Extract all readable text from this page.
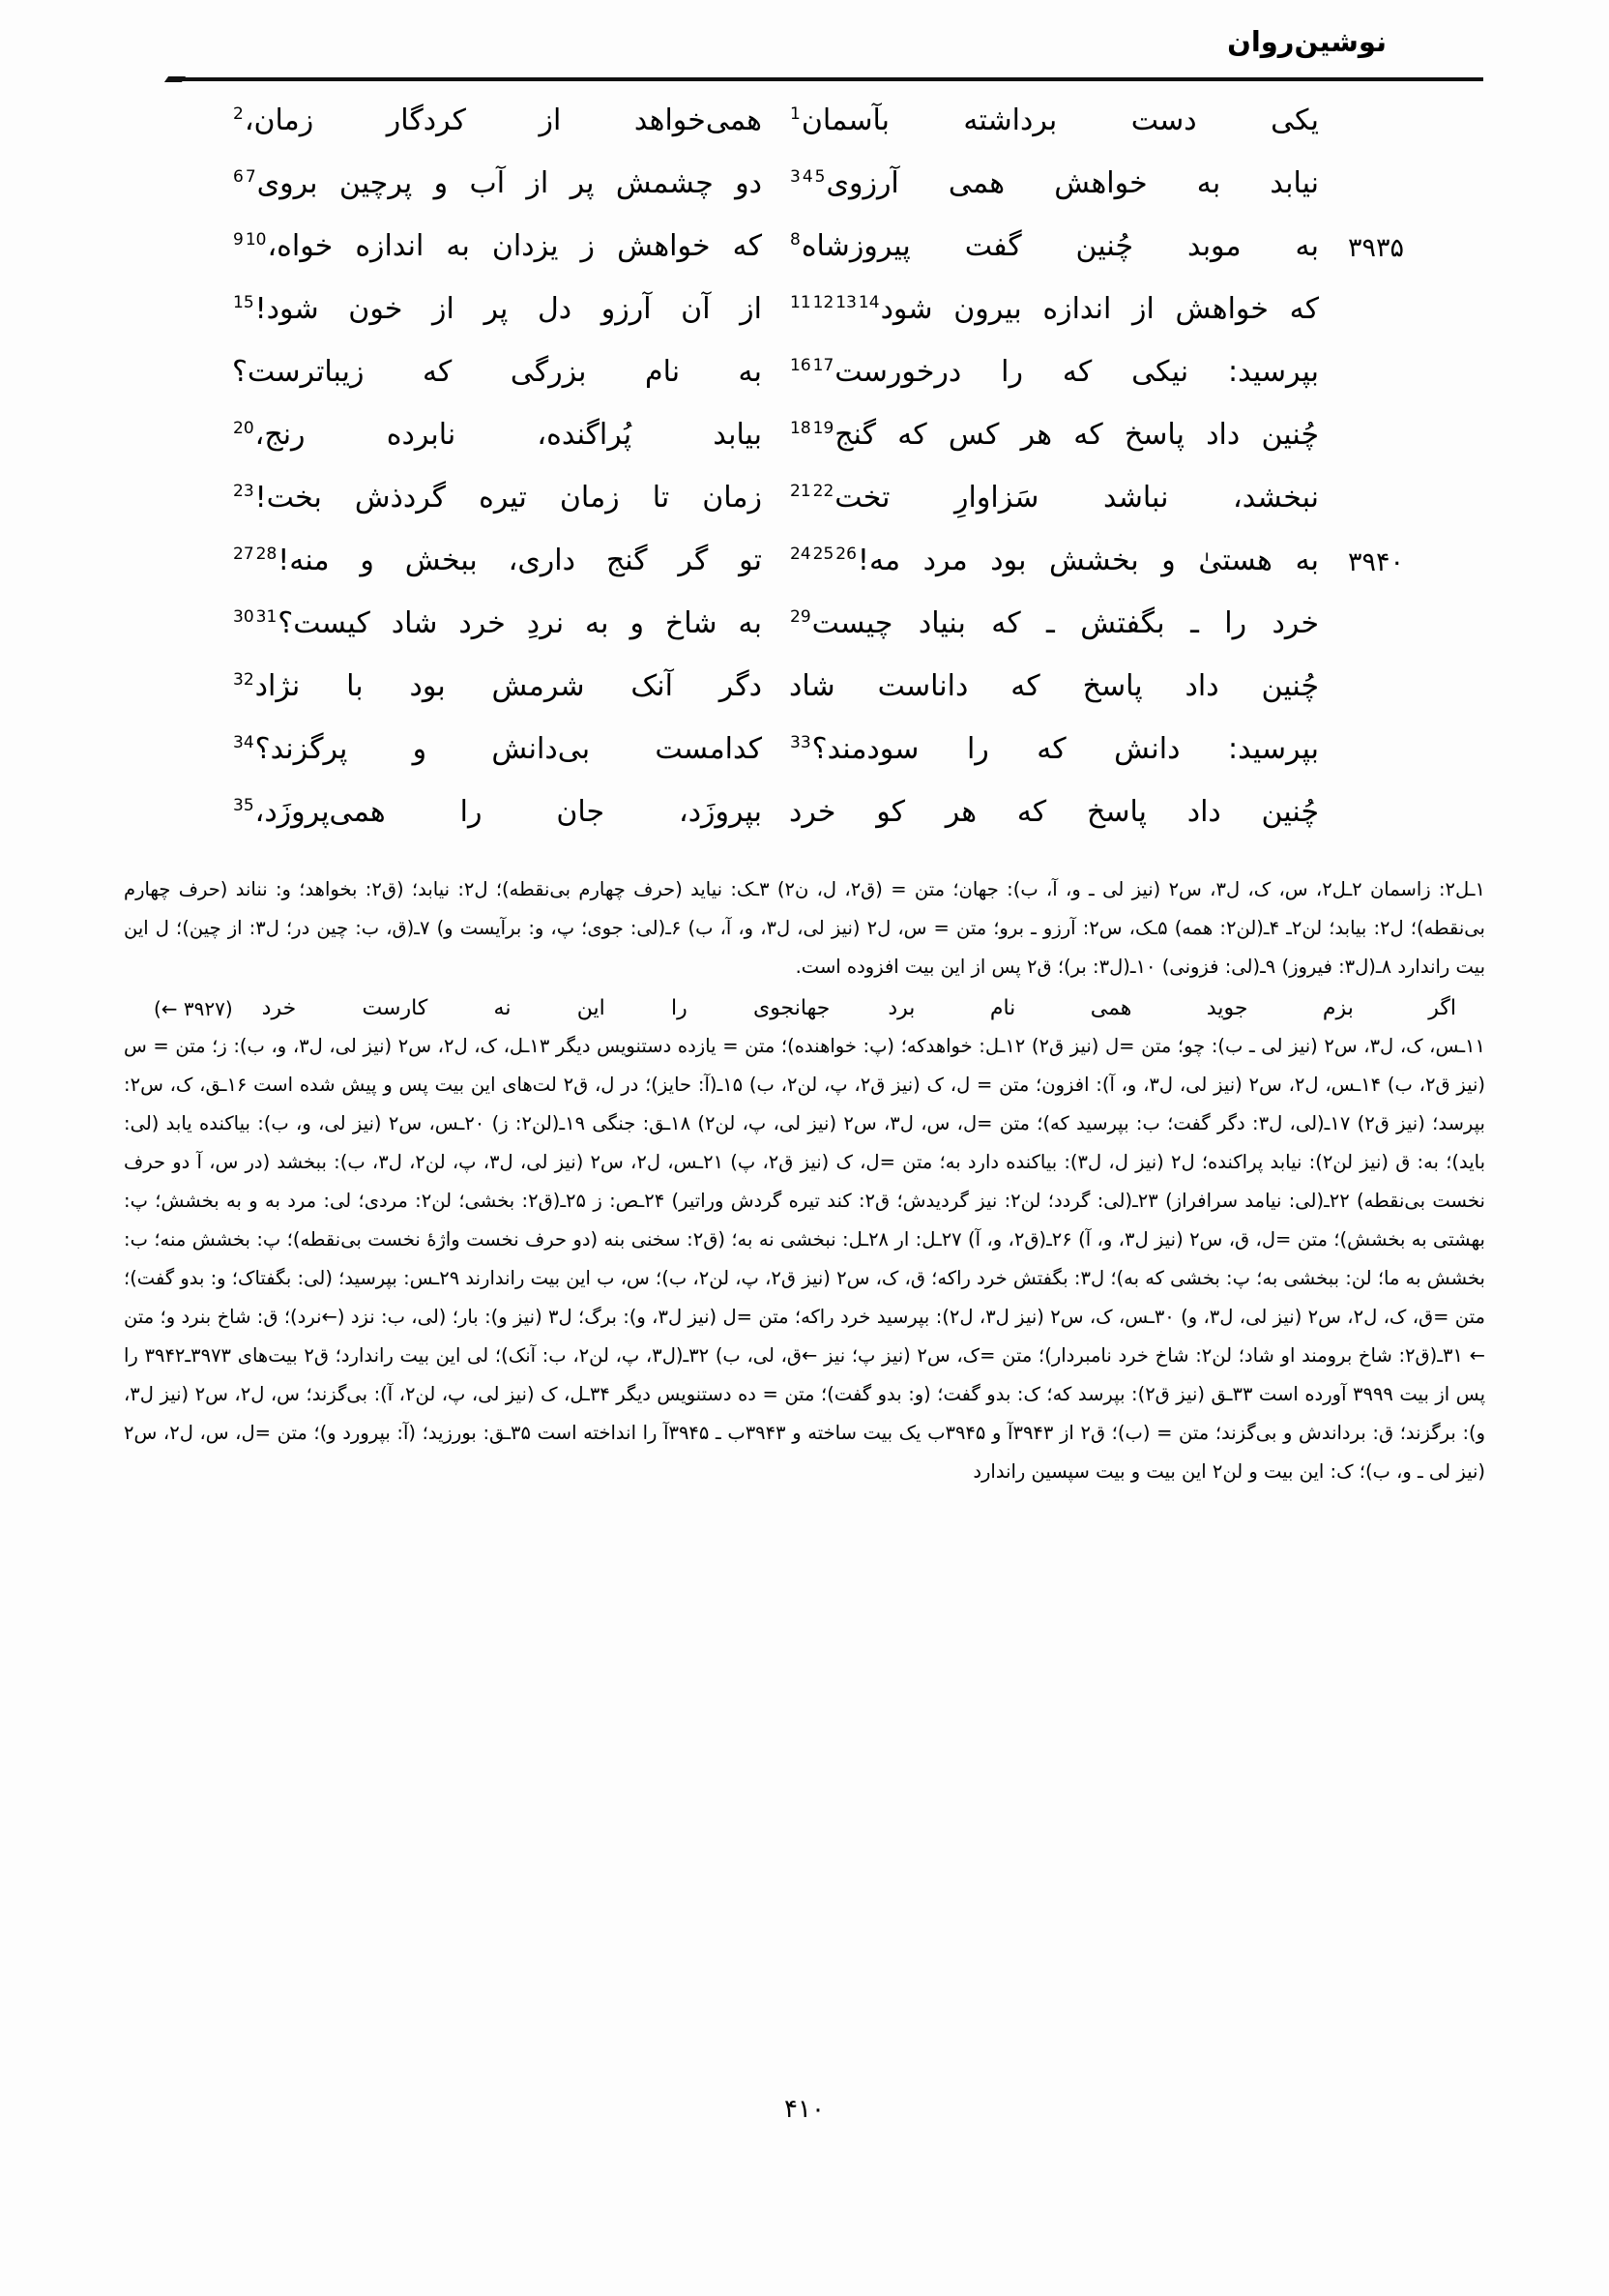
نوشین‌روان
یکی دست برداشته بآسمان$^1$
همی‌خواهد از کردگار زمان،$^2$
نیابد به خواهش همی آرزوی$^3$ $^4$ $^5$
دو چشمش پر از آب و پرچین بروی$^6$ $^7$
۳۹۳۵
به موبد چُنین گفت پیروزشاه$^8$
که خواهش ز یزدان به اندازه خواه،$^9$ $^{10}$
که خواهش از اندازه بیرون شود$^{11}$ $^{12}$ $^{13}$ $^{14}$
از آن آرزو دل پر از خون شود!$^{15}$
بپرسید: نیکی که را درخورست$^{16}$ $^{17}$
به نام بزرگی که زیباترست؟
چُنین داد پاسخ که هر کس که گنج$^{18}$ $^{19}$
بیابد پُراگنده، نابرده رنج،$^{20}$
نبخشد، نباشد سَزاوارِ تخت$^{21}$ $^{22}$
زمان تا زمان تیره گردذش بخت!$^{23}$
۳۹۴۰
به هستیٰ و بخشش بود مرد مه!$^{24}$ $^{25}$ $^{26}$
تو گر گنج داری، ببخش و منه!$^{27}$ $^{28}$
خرد را ـ بگفتش ـ که بنیاد چیست$^{29}$
به شاخ و به نردِ خرد شاد کیست؟$^{30}$ $^{31}$
چُنین داد پاسخ که داناست شاد
دگر آنک شرمش بود با نژاد$^{32}$
بپرسید: دانش که را سودمند؟$^{33}$
کدامست بی‌دانش و پرگزند؟$^{34}$
چُنین داد پاسخ که هر کو خرد
بپروزَد، جان را همی‌پروزَد،$^{35}$

۱ـل۲: زاسمان ۲ـل۲، س، ک، ل۳، س۲ (نیز لی ـ و، آ، ب): جهان؛ متن = (ق۲، ل، ن۲) ۳ـک: نیاید (حرف چهارم بی‌نقطه)؛ ل۲: نیابد؛ (ق۲: بخواهد؛ و: نناند (حرف چهارم بی‌نقطه)؛ ل۲: بیابد؛ لن۲ـ ۴ـ(لن۲: همه) ۵ـک، س۲: آرزو ـ برو؛ متن = س، ل۲ (نیز لی، ل۳، و، آ، ب) ۶ـ(لی: جوی؛ پ، و: برآیست و) ۷ـ(ق، ب: چین در؛ ل۳: از چین)؛ ل این بیت راندارد ۸ـ(ل۳: فیروز) ۹ـ(لی: فزونی) ۱۰ـ(ل۳: بر)؛ ق۲ پس از این بیت افزوده است.

اگر بزم جوید همی نام برد
جهانجوی را این نه کارست خرد
(۳۹۲۷ ←)

۱۱ـس، ک، ل۳، س۲ (نیز لی ـ ب): چو؛ متن =ل (نیز ق۲) ۱۲ـل: خواهدکه؛ (پ: خواهنده)؛ متن = یازده دستنویس دیگر ۱۳ـل، ک، ل۲، س۲ (نیز لی، ل۳، و، ب): ز؛ متن = س (نیز ق۲، ب) ۱۴ـس، ل۲، س۲ (نیز لی، ل۳، و، آ): افزون؛ متن = ل، ک (نیز ق۲، پ، لن۲، ب) ۱۵ـ(آ: حایز)؛ در ل، ق۲ لت‌های این بیت پس و پیش شده است ۱۶ـق، ک، س۲: بپرسد؛ (نیز ق۲) ۱۷ـ(لی، ل۳: دگر گفت؛ ب: بپرسید که)؛ متن =ل، س، ل۳، س۲ (نیز لی، پ، لن۲) ۱۸ـق: جنگی ۱۹ـ(لن۲: ز) ۲۰ـس، س۲ (نیز لی، و، ب): بیاکنده یابد (لی: باید)؛ به: ق (نیز لن۲): نیابد پراکنده؛ ل۲ (نیز ل، ل۳): بیاکنده دارد به؛ متن =ل، ک (نیز ق۲، پ) ۲۱ـس، ل۲، س۲ (نیز لی، ل۳، پ، لن۲، ل۳، ب): ببخشد (در س، آ دو حرف نخست بی‌نقطه) ۲۲ـ(لی: نیامد سرافراز) ۲۳ـ(لی: گردد؛ لن۲: نیز گردیدش؛ ق۲: کند تیره گردش وراتیر) ۲۴ـص: ز ۲۵ـ(ق۲: بخشی؛ لن۲: مردی؛ لی: مرد به و به بخشش؛ پ: بهشتی به بخشش)؛ متن =ل، ق، س۲ (نیز ل۳، و، آ) ۲۶ـ(ق۲، و، آ) ۲۷ـل: ار ۲۸ـل: نبخشی نه به؛ (ق۲: سخنی بنه (دو حرف نخست واژهٔ نخست بی‌نقطه)؛ پ: بخشش منه؛ ب: بخشش به ما؛ لن: ببخشی به؛ پ: بخشی که به)؛ ل۳: بگفتش خرد راکه؛ ق، ک، س۲ (نیز ق۲، پ، لن۲، ب)؛ س، ب این بیت راندارند ۲۹ـس: بپرسید؛ (لی: بگفتاک؛ و: بدو گفت)؛ متن =ق، ک، ل۲، س۲ (نیز لی، ل۳، و) ۳۰ـس، ک، س۲ (نیز ل۳، ل۲): بپرسید خرد راکه؛ متن =ل (نیز ل۳، و): برگ؛ ل۳ (نیز و): بار؛ (لی، ب: نزد (←نرد)؛ ق: شاخ بنرد و؛ متن ← ۳۱ـ(ق۲: شاخ برومند او شاد؛ لن۲: شاخ خرد نامبردار)؛ متن =ک، س۲ (نیز پ؛ نیز ←ق، لی، ب) ۳۲ـ(ل۳، پ، لن۲، ب: آنک)؛ لی این بیت راندارد؛ ق۲ بیت‌های ۳۹۷۳ـ۳۹۴۲ را پس از بیت ۳۹۹۹ آورده است ۳۳ـق (نیز ق۲): بپرسد که؛ ک: بدو گفت؛ (و: بدو گفت)؛ متن = ده دستنویس دیگر ۳۴ـل، ک (نیز لی، پ، لن۲، آ): بی‌گزند؛ س، ل۲، س۲ (نیز ل۳، و): برگزند؛ ق: برداندش و بی‌گزند؛ متن = (ب)؛ ق۲ از ۳۹۴۳آ و ۳۹۴۵ب یک بیت ساخته و ۳۹۴۳ب ـ ۳۹۴۵آ را انداخته است ۳۵ـق: بورزید؛ (آ: بپرورد و)؛ متن =ل، س، ل۲، س۲ (نیز لی ـ و، ب)؛ ک: این بیت و لن۲ این بیت و بیت سپسین راندارد

۴۱۰
